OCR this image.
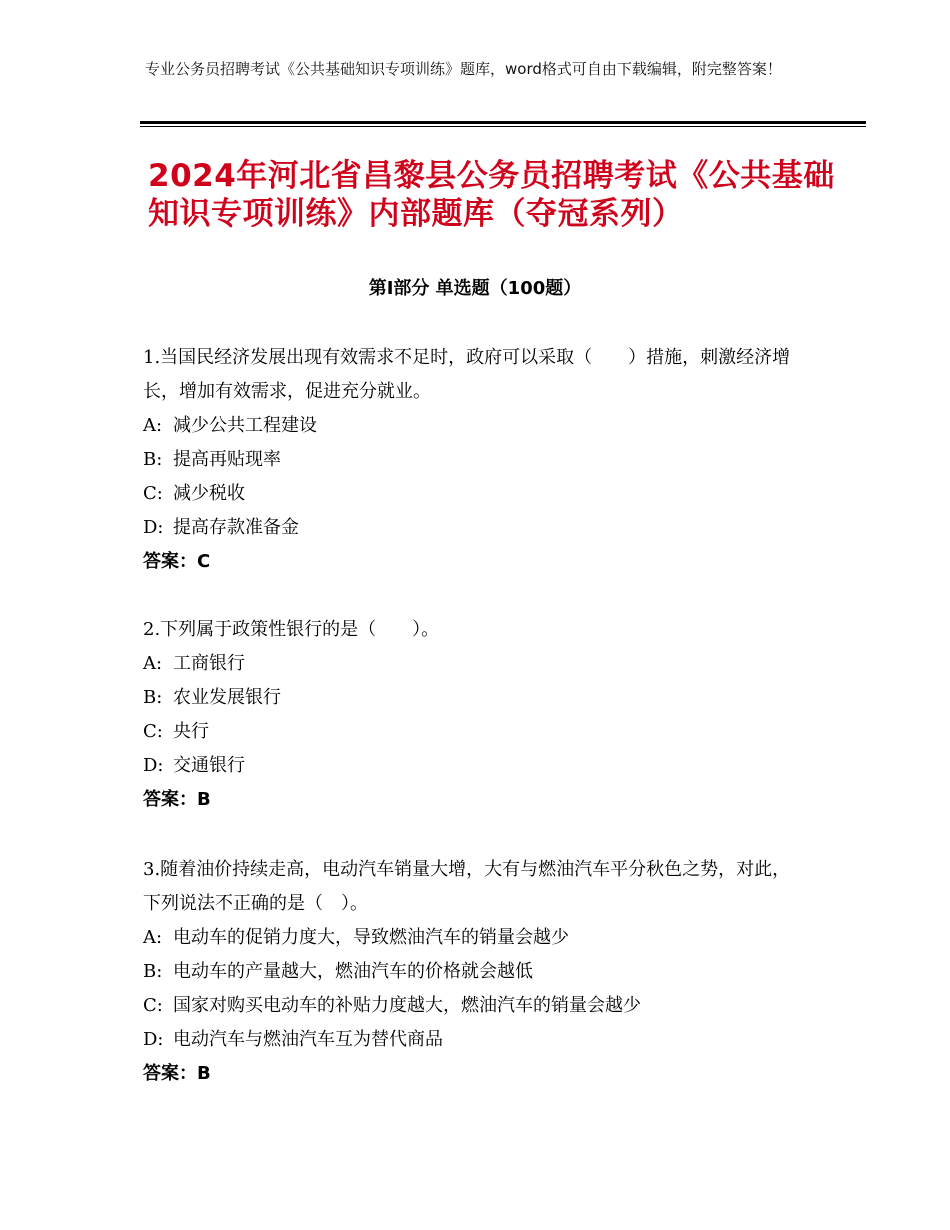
专业公务员招聘考试《公共基础知识专项训练》题库，word格式可自由下载编辑，附完整答案！
2024年河北省昌黎县公务员招聘考试《公共基础知识专项训练》内部题库（夺冠系列）
第Ⅰ部分 单选题（100题）

1.当国民经济发展出现有效需求不足时，政府可以采取（　　）措施，刺激经济增长，增加有效需求，促进充分就业。

A: 减少公共工程建设

B: 提高再贴现率

C: 减少税收

D: 提高存款准备金

答案：C

2.下列属于政策性银行的是（　　）。

A: 工商银行

B: 农业发展银行

C: 央行

D: 交通银行

答案：B

3.随着油价持续走高，电动汽车销量大增，大有与燃油汽车平分秋色之势，对此，下列说法不正确的是（　）。

A: 电动车的促销力度大，导致燃油汽车的销量会越少

B: 电动车的产量越大，燃油汽车的价格就会越低

C: 国家对购买电动车的补贴力度越大，燃油汽车的销量会越少

D: 电动汽车与燃油汽车互为替代商品

答案：B
